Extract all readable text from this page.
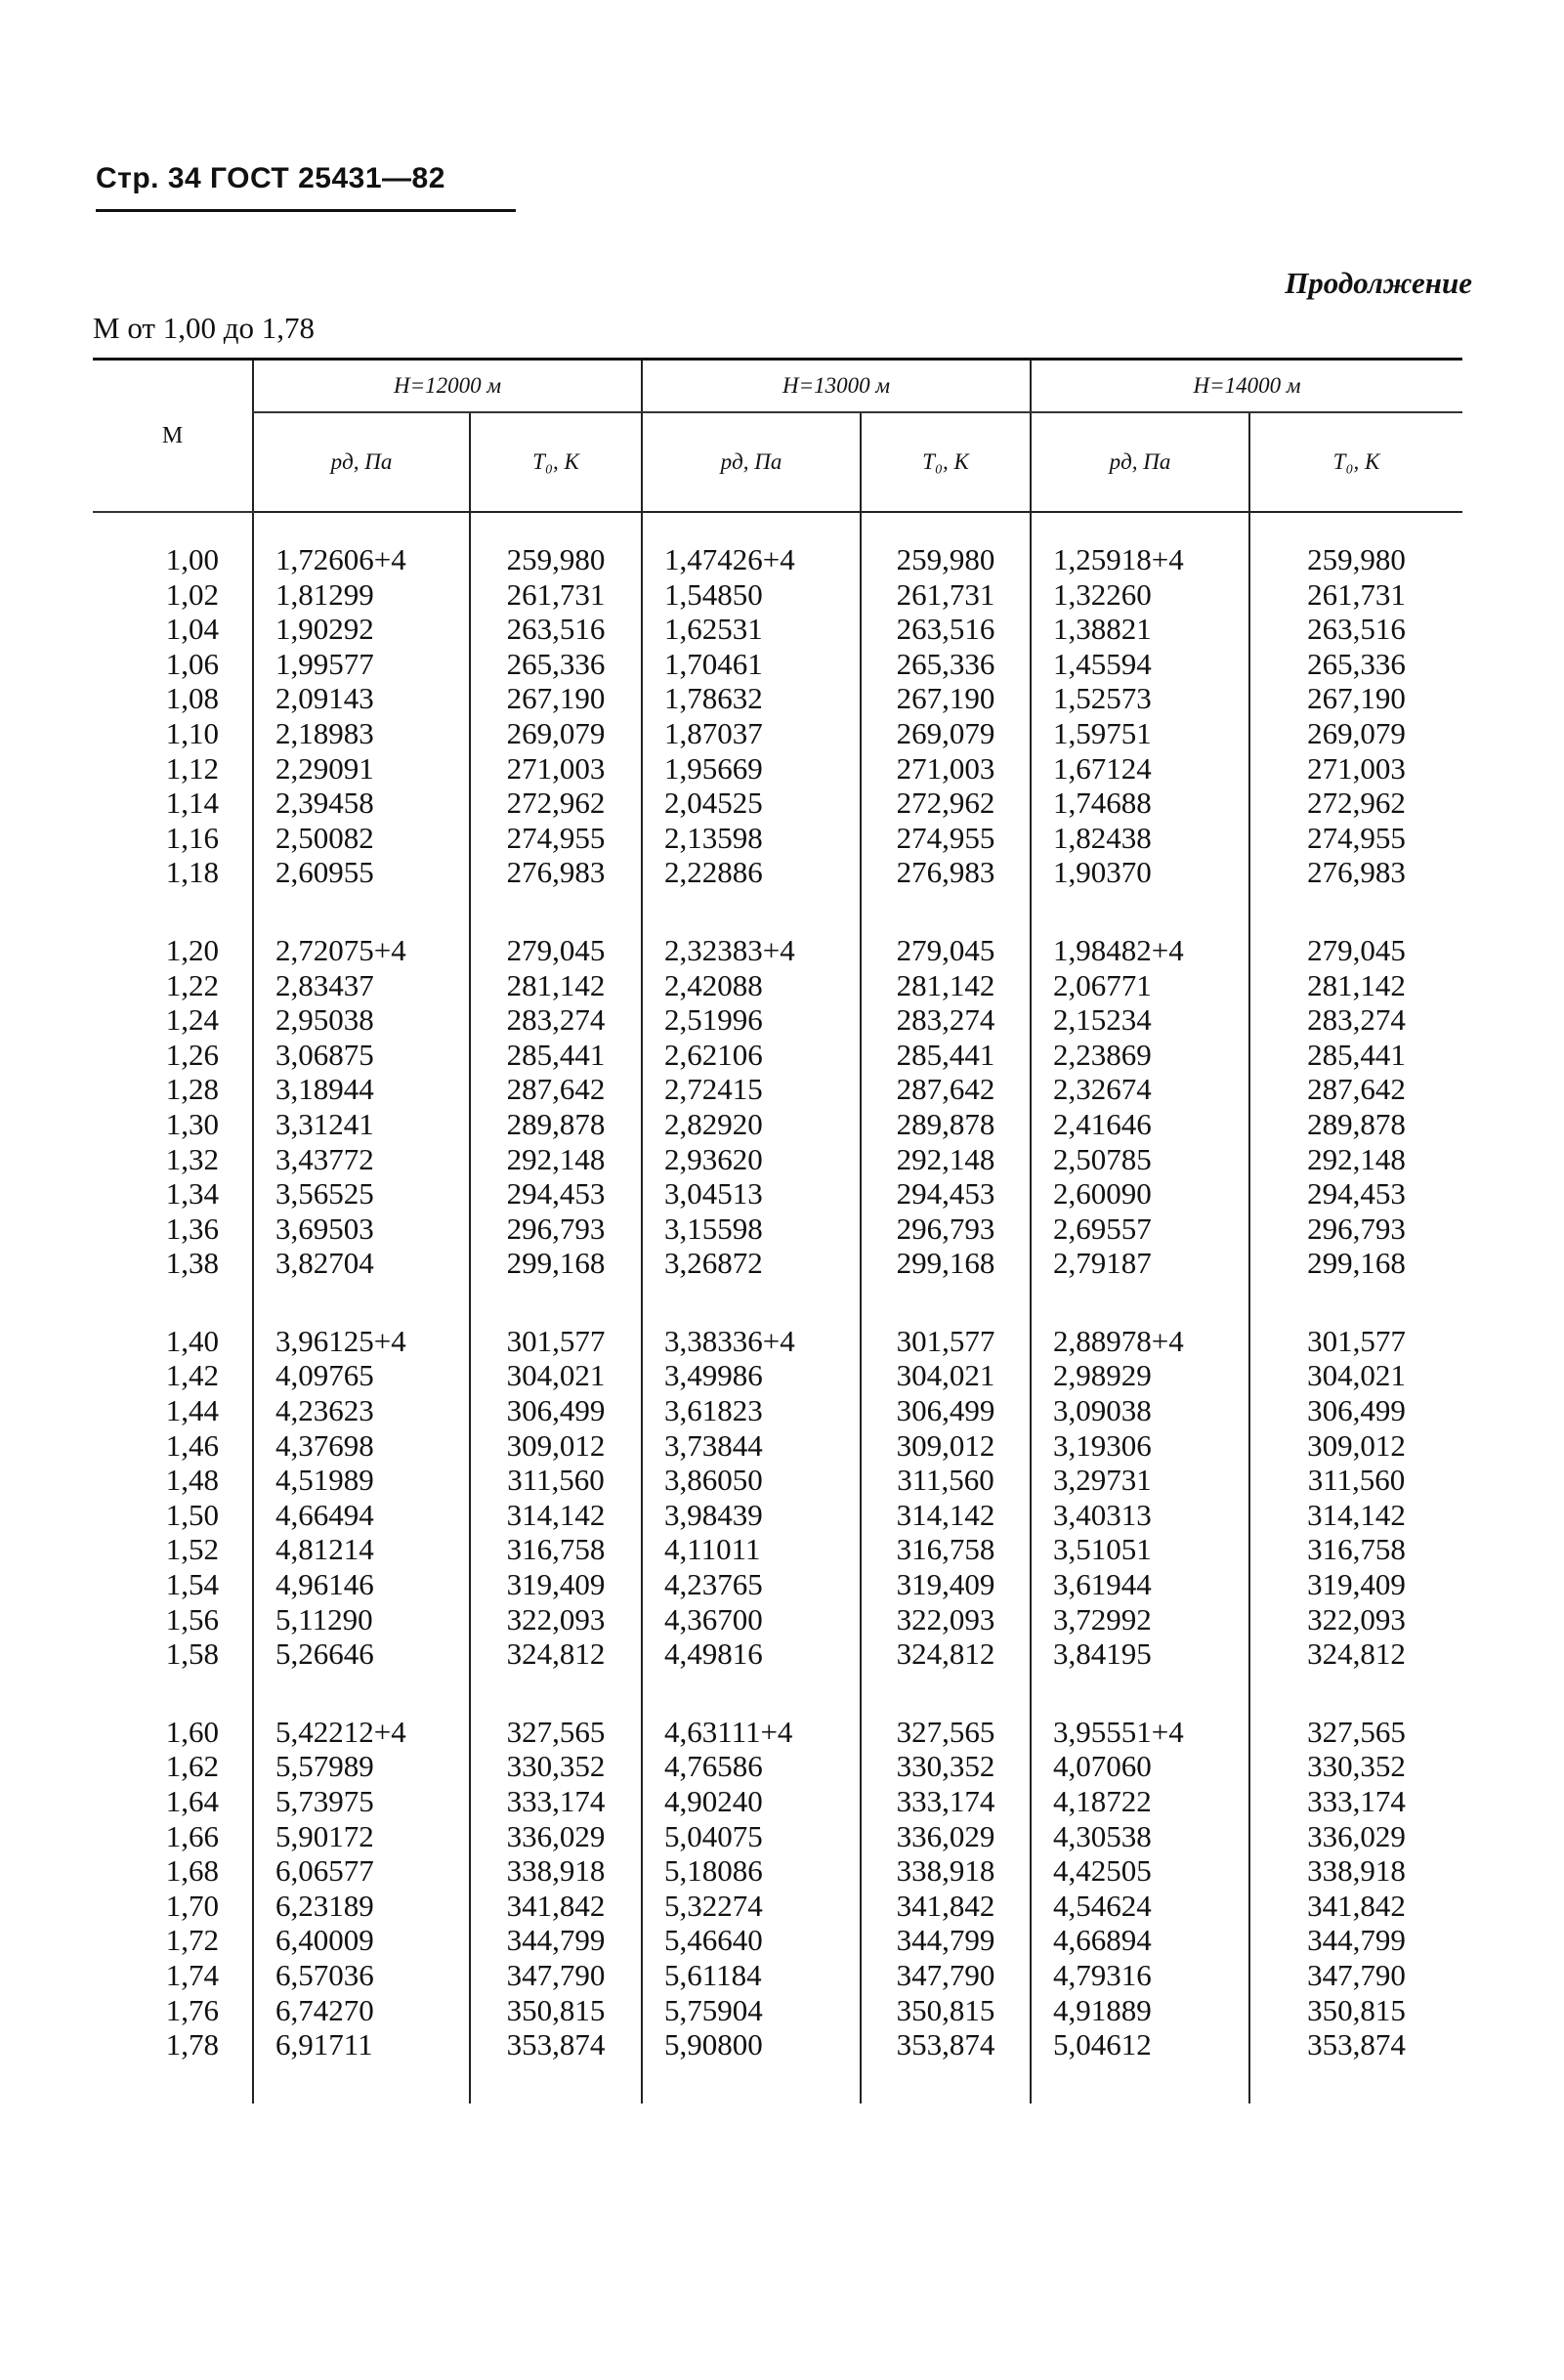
Стр. 34 ГОСТ 25431—82
Продолжение
М от 1,00 до 1,78
М	H=12000 м		H=13000 м		H=14000 м	
	pд, Па	T₀, K	pд, Па	T₀, K	pд, Па	T₀, K

1,00	1,72606+4	259,980	1,47426+4	259,980	1,25918+4	259,980
1,02	1,81299	261,731	1,54850	261,731	1,32260	261,731
1,04	1,90292	263,516	1,62531	263,516	1,38821	263,516
1,06	1,99577	265,336	1,70461	265,336	1,45594	265,336
1,08	2,09143	267,190	1,78632	267,190	1,52573	267,190
1,10	2,18983	269,079	1,87037	269,079	1,59751	269,079
1,12	2,29091	271,003	1,95669	271,003	1,67124	271,003
1,14	2,39458	272,962	2,04525	272,962	1,74688	272,962
1,16	2,50082	274,955	2,13598	274,955	1,82438	274,955
1,18	2,60955	276,983	2,22886	276,983	1,90370	276,983

1,20	2,72075+4	279,045	2,32383+4	279,045	1,98482+4	279,045
1,22	2,83437	281,142	2,42088	281,142	2,06771	281,142
1,24	2,95038	283,274	2,51996	283,274	2,15234	283,274
1,26	3,06875	285,441	2,62106	285,441	2,23869	285,441
1,28	3,18944	287,642	2,72415	287,642	2,32674	287,642
1,30	3,31241	289,878	2,82920	289,878	2,41646	289,878
1,32	3,43772	292,148	2,93620	292,148	2,50785	292,148
1,34	3,56525	294,453	3,04513	294,453	2,60090	294,453
1,36	3,69503	296,793	3,15598	296,793	2,69557	296,793
1,38	3,82704	299,168	3,26872	299,168	2,79187	299,168

1,40	3,96125+4	301,577	3,38336+4	301,577	2,88978+4	301,577
1,42	4,09765	304,021	3,49986	304,021	2,98929	304,021
1,44	4,23623	306,499	3,61823	306,499	3,09038	306,499
1,46	4,37698	309,012	3,73844	309,012	3,19306	309,012
1,48	4,51989	311,560	3,86050	311,560	3,29731	311,560
1,50	4,66494	314,142	3,98439	314,142	3,40313	314,142
1,52	4,81214	316,758	4,11011	316,758	3,51051	316,758
1,54	4,96146	319,409	4,23765	319,409	3,61944	319,409
1,56	5,11290	322,093	4,36700	322,093	3,72992	322,093
1,58	5,26646	324,812	4,49816	324,812	3,84195	324,812

1,60	5,42212+4	327,565	4,63111+4	327,565	3,95551+4	327,565
1,62	5,57989	330,352	4,76586	330,352	4,07060	330,352
1,64	5,73975	333,174	4,90240	333,174	4,18722	333,174
1,66	5,90172	336,029	5,04075	336,029	4,30538	336,029
1,68	6,06577	338,918	5,18086	338,918	4,42505	338,918
1,70	6,23189	341,842	5,32274	341,842	4,54624	341,842
1,72	6,40009	344,799	5,46640	344,799	4,66894	344,799
1,74	6,57036	347,790	5,61184	347,790	4,79316	347,790
1,76	6,74270	350,815	5,75904	350,815	4,91889	350,815
1,78	6,91711	353,874	5,90800	353,874	5,04612	353,874
